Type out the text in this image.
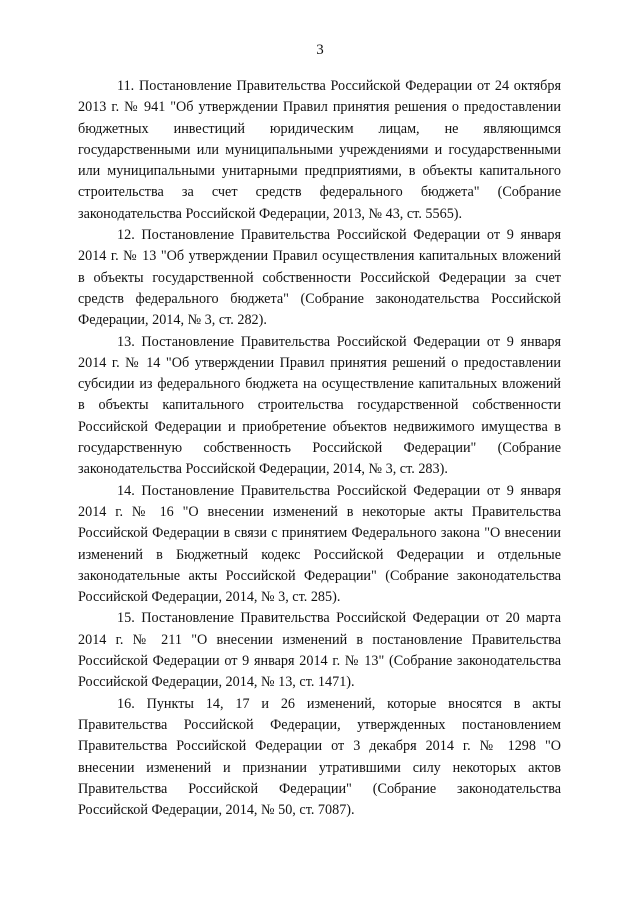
3

11. Постановление Правительства Российской Федерации от 24 октября 2013 г. № 941 "Об утверждении Правил принятия решения о предоставлении бюджетных инвестиций юридическим лицам, не являющимся государственными или муниципальными учреждениями и государственными или муниципальными унитарными предприятиями, в объекты капитального строительства за счет средств федерального бюджета" (Собрание законодательства Российской Федерации, 2013, № 43, ст. 5565).

12. Постановление Правительства Российской Федерации от 9 января 2014 г. № 13 "Об утверждении Правил осуществления капитальных вложений в объекты государственной собственности Российской Федерации за счет средств федерального бюджета" (Собрание законодательства Российской Федерации, 2014, № 3, ст. 282).

13. Постановление Правительства Российской Федерации от 9 января 2014 г. № 14 "Об утверждении Правил принятия решений о предоставлении субсидии из федерального бюджета на осуществление капитальных вложений в объекты капитального строительства государственной собственности Российской Федерации и приобретение объектов недвижимого имущества в государственную собственность Российской Федерации" (Собрание законодательства Российской Федерации, 2014, № 3, ст. 283).

14. Постановление Правительства Российской Федерации от 9 января 2014 г. № 16 "О внесении изменений в некоторые акты Правительства Российской Федерации в связи с принятием Федерального закона "О внесении изменений в Бюджетный кодекс Российской Федерации и отдельные законодательные акты Российской Федерации" (Собрание законодательства Российской Федерации, 2014, № 3, ст. 285).

15. Постановление Правительства Российской Федерации от 20 марта 2014 г. № 211 "О внесении изменений в постановление Правительства Российской Федерации от 9 января 2014 г. № 13" (Собрание законодательства Российской Федерации, 2014, № 13, ст. 1471).

16. Пункты 14, 17 и 26 изменений, которые вносятся в акты Правительства Российской Федерации, утвержденных постановлением Правительства Российской Федерации от 3 декабря 2014 г. № 1298 "О внесении изменений и признании утратившими силу некоторых актов Правительства Российской Федерации" (Собрание законодательства Российской Федерации, 2014, № 50, ст. 7087).
